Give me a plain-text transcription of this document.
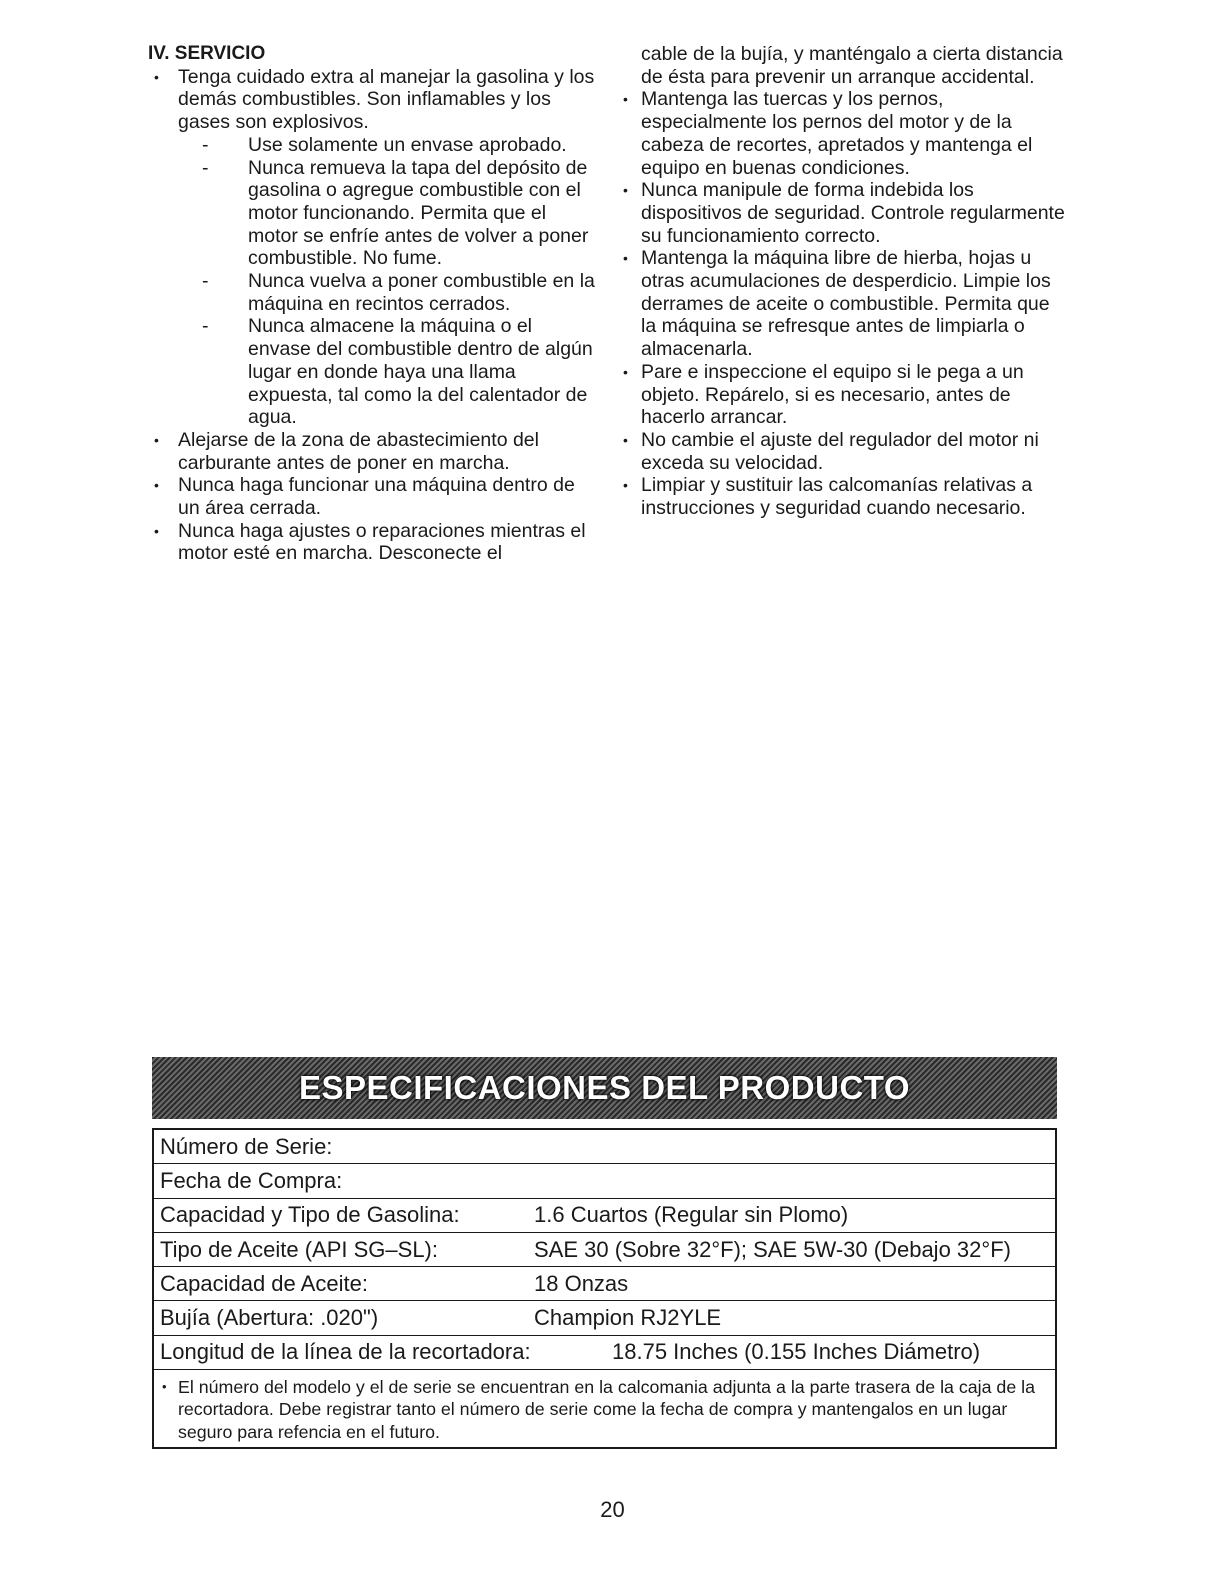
IV. SERVICIO
• Tenga cuidado extra al manejar la gasolina y los demás combustibles. Son inflamables y los gases son explosivos.
- Use solamente un envase aprobado.
- Nunca remueva la tapa del depósito de gasolina o agregue combustible con el motor funcionando. Permita que el motor se enfríe antes de volver a poner combustible. No fume.
- Nunca vuelva a poner combustible en la máquina en recintos cerrados.
- Nunca almacene la máquina o el envase del combustible dentro de algún lugar en donde haya una llama expuesta, tal como la del calentador de agua.
• Alejarse de la zona de abastecimiento del carburante antes de poner en marcha.
• Nunca haga funcionar una máquina dentro de un área cerrada.
• Nunca haga ajustes o reparaciones mientras el motor esté en marcha. Desconecte el
cable de la bujía, y manténgalo a cierta distancia de ésta para prevenir un arranque accidental.
• Mantenga las tuercas y los pernos, especialmente los pernos del motor y de la cabeza de recortes, apretados y mantenga el equipo en buenas condiciones.
• Nunca manipule de forma indebida los dispositivos de seguridad. Controle regularmente su funcionamiento correcto.
• Mantenga la máquina libre de hierba, hojas u otras acumulaciones de desperdicio. Limpie los derrames de aceite o combustible. Permita que la máquina se refresque antes de limpiarla o almacenarla.
• Pare e inspeccione el equipo si le pega a un objeto. Repárelo, si es necesario, antes de hacerlo arrancar.
• No cambie el ajuste del regulador del motor ni exceda su velocidad.
• Limpiar y sustituir las calcomanías relativas a instrucciones y seguridad cuando necesario.
ESPECIFICACIONES DEL PRODUCTO
Número de Serie:
Fecha de Compra:
Capacidad y Tipo de Gasolina:	1.6 Cuartos (Regular sin Plomo)
Tipo de Aceite (API SG–SL):	SAE 30 (Sobre 32°F); SAE 5W-30 (Debajo 32°F)
Capacidad de Aceite:	18 Onzas
Bujía (Abertura: .020")	Champion RJ2YLE
Longitud de la línea de la recortadora:	18.75 Inches (0.155 Inches Diámetro)
• El número del modelo y el de serie se encuentran en la calcomania adjunta a la parte trasera de la caja de la recortadora. Debe registrar tanto el número de serie come la fecha de compra y mantengalos en un lugar seguro para refencia en el futuro.
20
